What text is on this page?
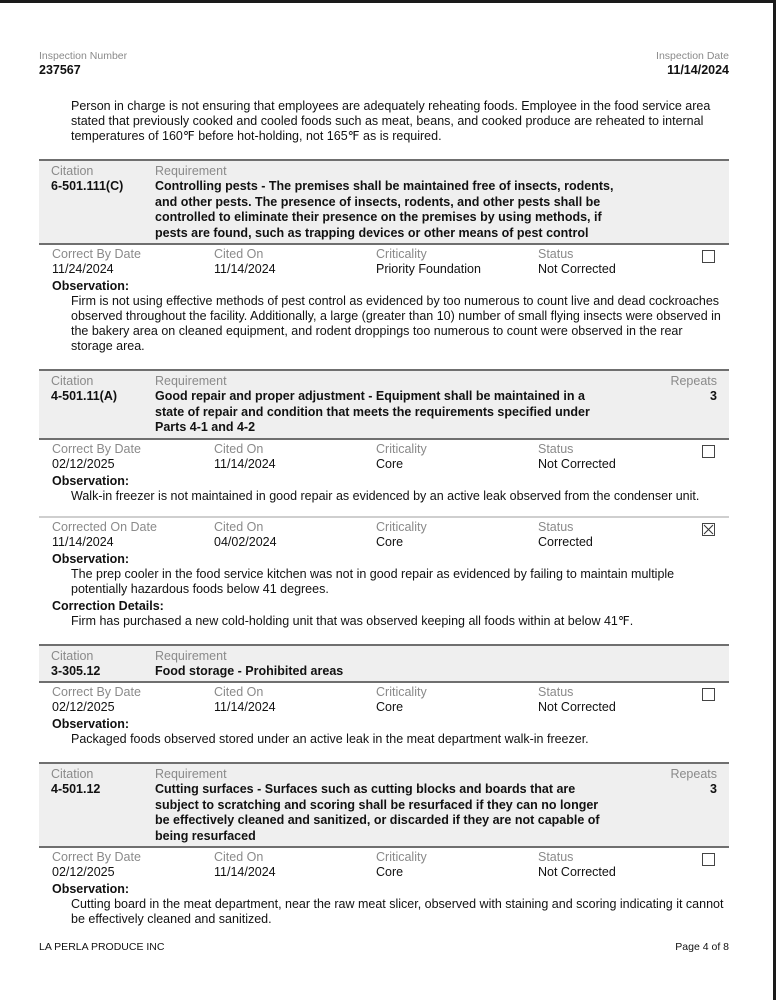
Inspection Number
237567
Inspection Date
11/14/2024
Person in charge is not ensuring that employees are adequately reheating foods. Employee in the food service area stated that previously cooked and cooled foods such as meat, beans, and cooked produce are reheated to internal temperatures of 160℉ before hot-holding, not 165℉ as is required.
Citation
6-501.111(C)
Requirement
Controlling pests - The premises shall be maintained free of insects, rodents, and other pests. The presence of insects, rodents, and other pests shall be controlled to eliminate their presence on the premises by using methods, if pests are found, such as trapping devices or other means of pest control
Correct By Date
11/24/2024
Cited On
11/14/2024
Criticality
Priority Foundation
Status
Not Corrected
Observation:
Firm is not using effective methods of pest control as evidenced by too numerous to count live and dead cockroaches observed throughout the facility. Additionally, a large (greater than 10) number of small flying insects were observed in the bakery area on cleaned equipment, and rodent droppings too numerous to count were observed in the rear storage area.
Citation
4-501.11(A)
Requirement
Good repair and proper adjustment - Equipment shall be maintained in a state of repair and condition that meets the requirements specified under Parts 4-1 and 4-2
Repeats
3
Correct By Date
02/12/2025
Cited On
11/14/2024
Criticality
Core
Status
Not Corrected
Observation:
Walk-in freezer is not maintained in good repair as evidenced by an active leak observed from the condenser unit.
Corrected On Date
11/14/2024
Cited On
04/02/2024
Criticality
Core
Status
Corrected
Observation:
The prep cooler in the food service kitchen was not in good repair as evidenced by failing to maintain multiple potentially hazardous foods below 41 degrees.
Correction Details:
Firm has purchased a new cold-holding unit that was observed keeping all foods within at below 41℉.
Citation
3-305.12
Requirement
Food storage - Prohibited areas
Correct By Date
02/12/2025
Cited On
11/14/2024
Criticality
Core
Status
Not Corrected
Observation:
Packaged foods observed stored under an active leak in the meat department walk-in freezer.
Citation
4-501.12
Requirement
Cutting surfaces - Surfaces such as cutting blocks and boards that are subject to scratching and scoring shall be resurfaced if they can no longer be effectively cleaned and sanitized, or discarded if they are not capable of being resurfaced
Repeats
3
Correct By Date
02/12/2025
Cited On
11/14/2024
Criticality
Core
Status
Not Corrected
Observation:
Cutting board in the meat department, near the raw meat slicer, observed with staining and scoring indicating it cannot be effectively cleaned and sanitized.
LA PERLA PRODUCE INC	Page 4 of 8
